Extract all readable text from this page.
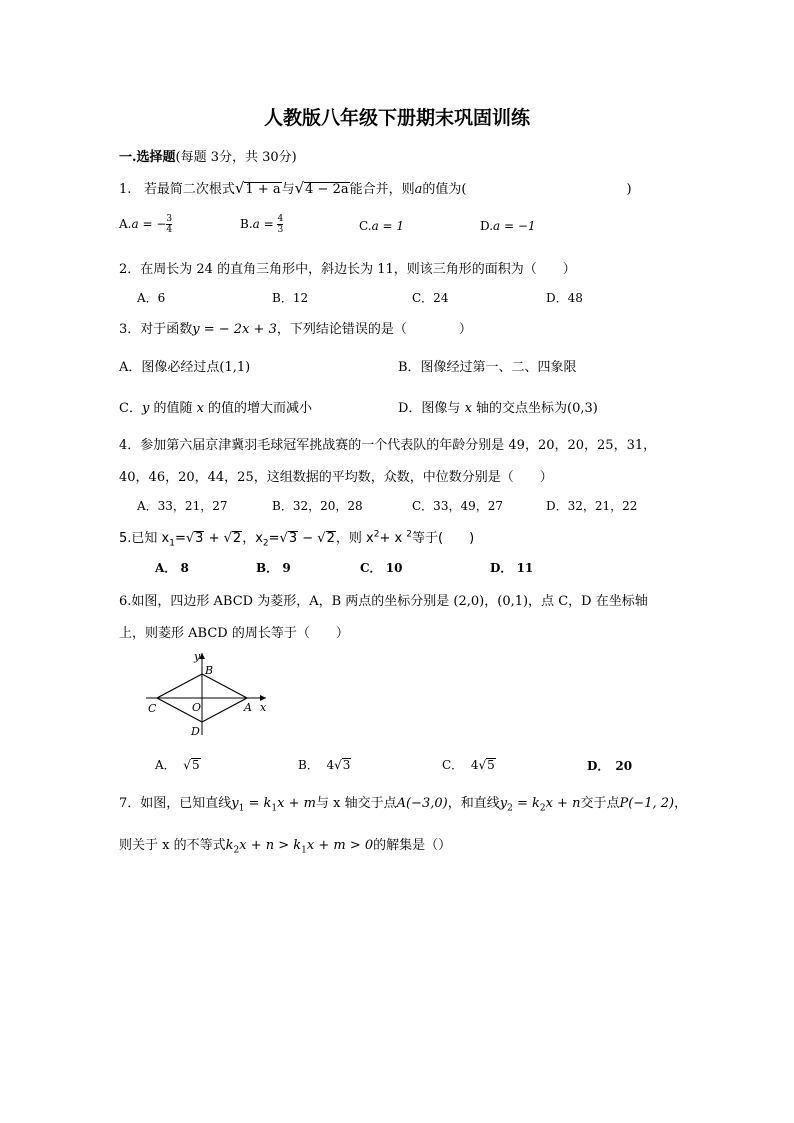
人教版八年级下册期末巩固训练
一.选择题(每题 3分，共 30分)
1. 若最简二次根式√1 + a与√4 − 2a能合并，则a的值为(	)
A.a = − $\frac{3}{4}$	$B.a = \frac{4}{3}$	C.a = 1	D.a = −1
2．在周长为 24 的直角三角形中，斜边长为 11，则该三角形的面积为（　　）
A．6	B．12	C．24	D．48
3．对于函数y = − 2x + 3，下列结论错误的是（　　　　）
A．图像必经过点(1,1)	B．图像经过第一、二、四象限
C．y 的值随 x 的值的增大而减小	D．图像与 x 轴的交点坐标为(0,3)
4．参加第六届京津冀羽毛球冠军挑战赛的一个代表队的年龄分别是 49，20，20，25，31，
40，46，20，44，25，这组数据的平均数，众数，中位数分别是（　　）
A．33，21，27	B．32，20，28	C．33，49，27	D．32，21，22
5.已知 $x_1=√3 + √2$，$x_2=√3 - √2$，则 $x^2+ x$ $^2$等于(　　)
A． 8	B． 9	C． 10	D． 11
6.如图，四边形 ABCD 为菱形，A，B 两点的坐标分别是 (2,0)，(0,1)，点 C，D 在坐标轴
上，则菱形 ABCD 的周长等于（　　）
y
x
B
C	O	A
D
A．  √5	B． 4√3	C． 4√5	D．　20
7．如图，已知直线$y_1 = k_1x + m$与 x 轴交于点A(−3,0)，和直线$y_2 = k_2x + n$交于点P(−1, 2)，
则关于 x 的不等式$k_2x + n > k_1x + m > 0$的解集是（）
